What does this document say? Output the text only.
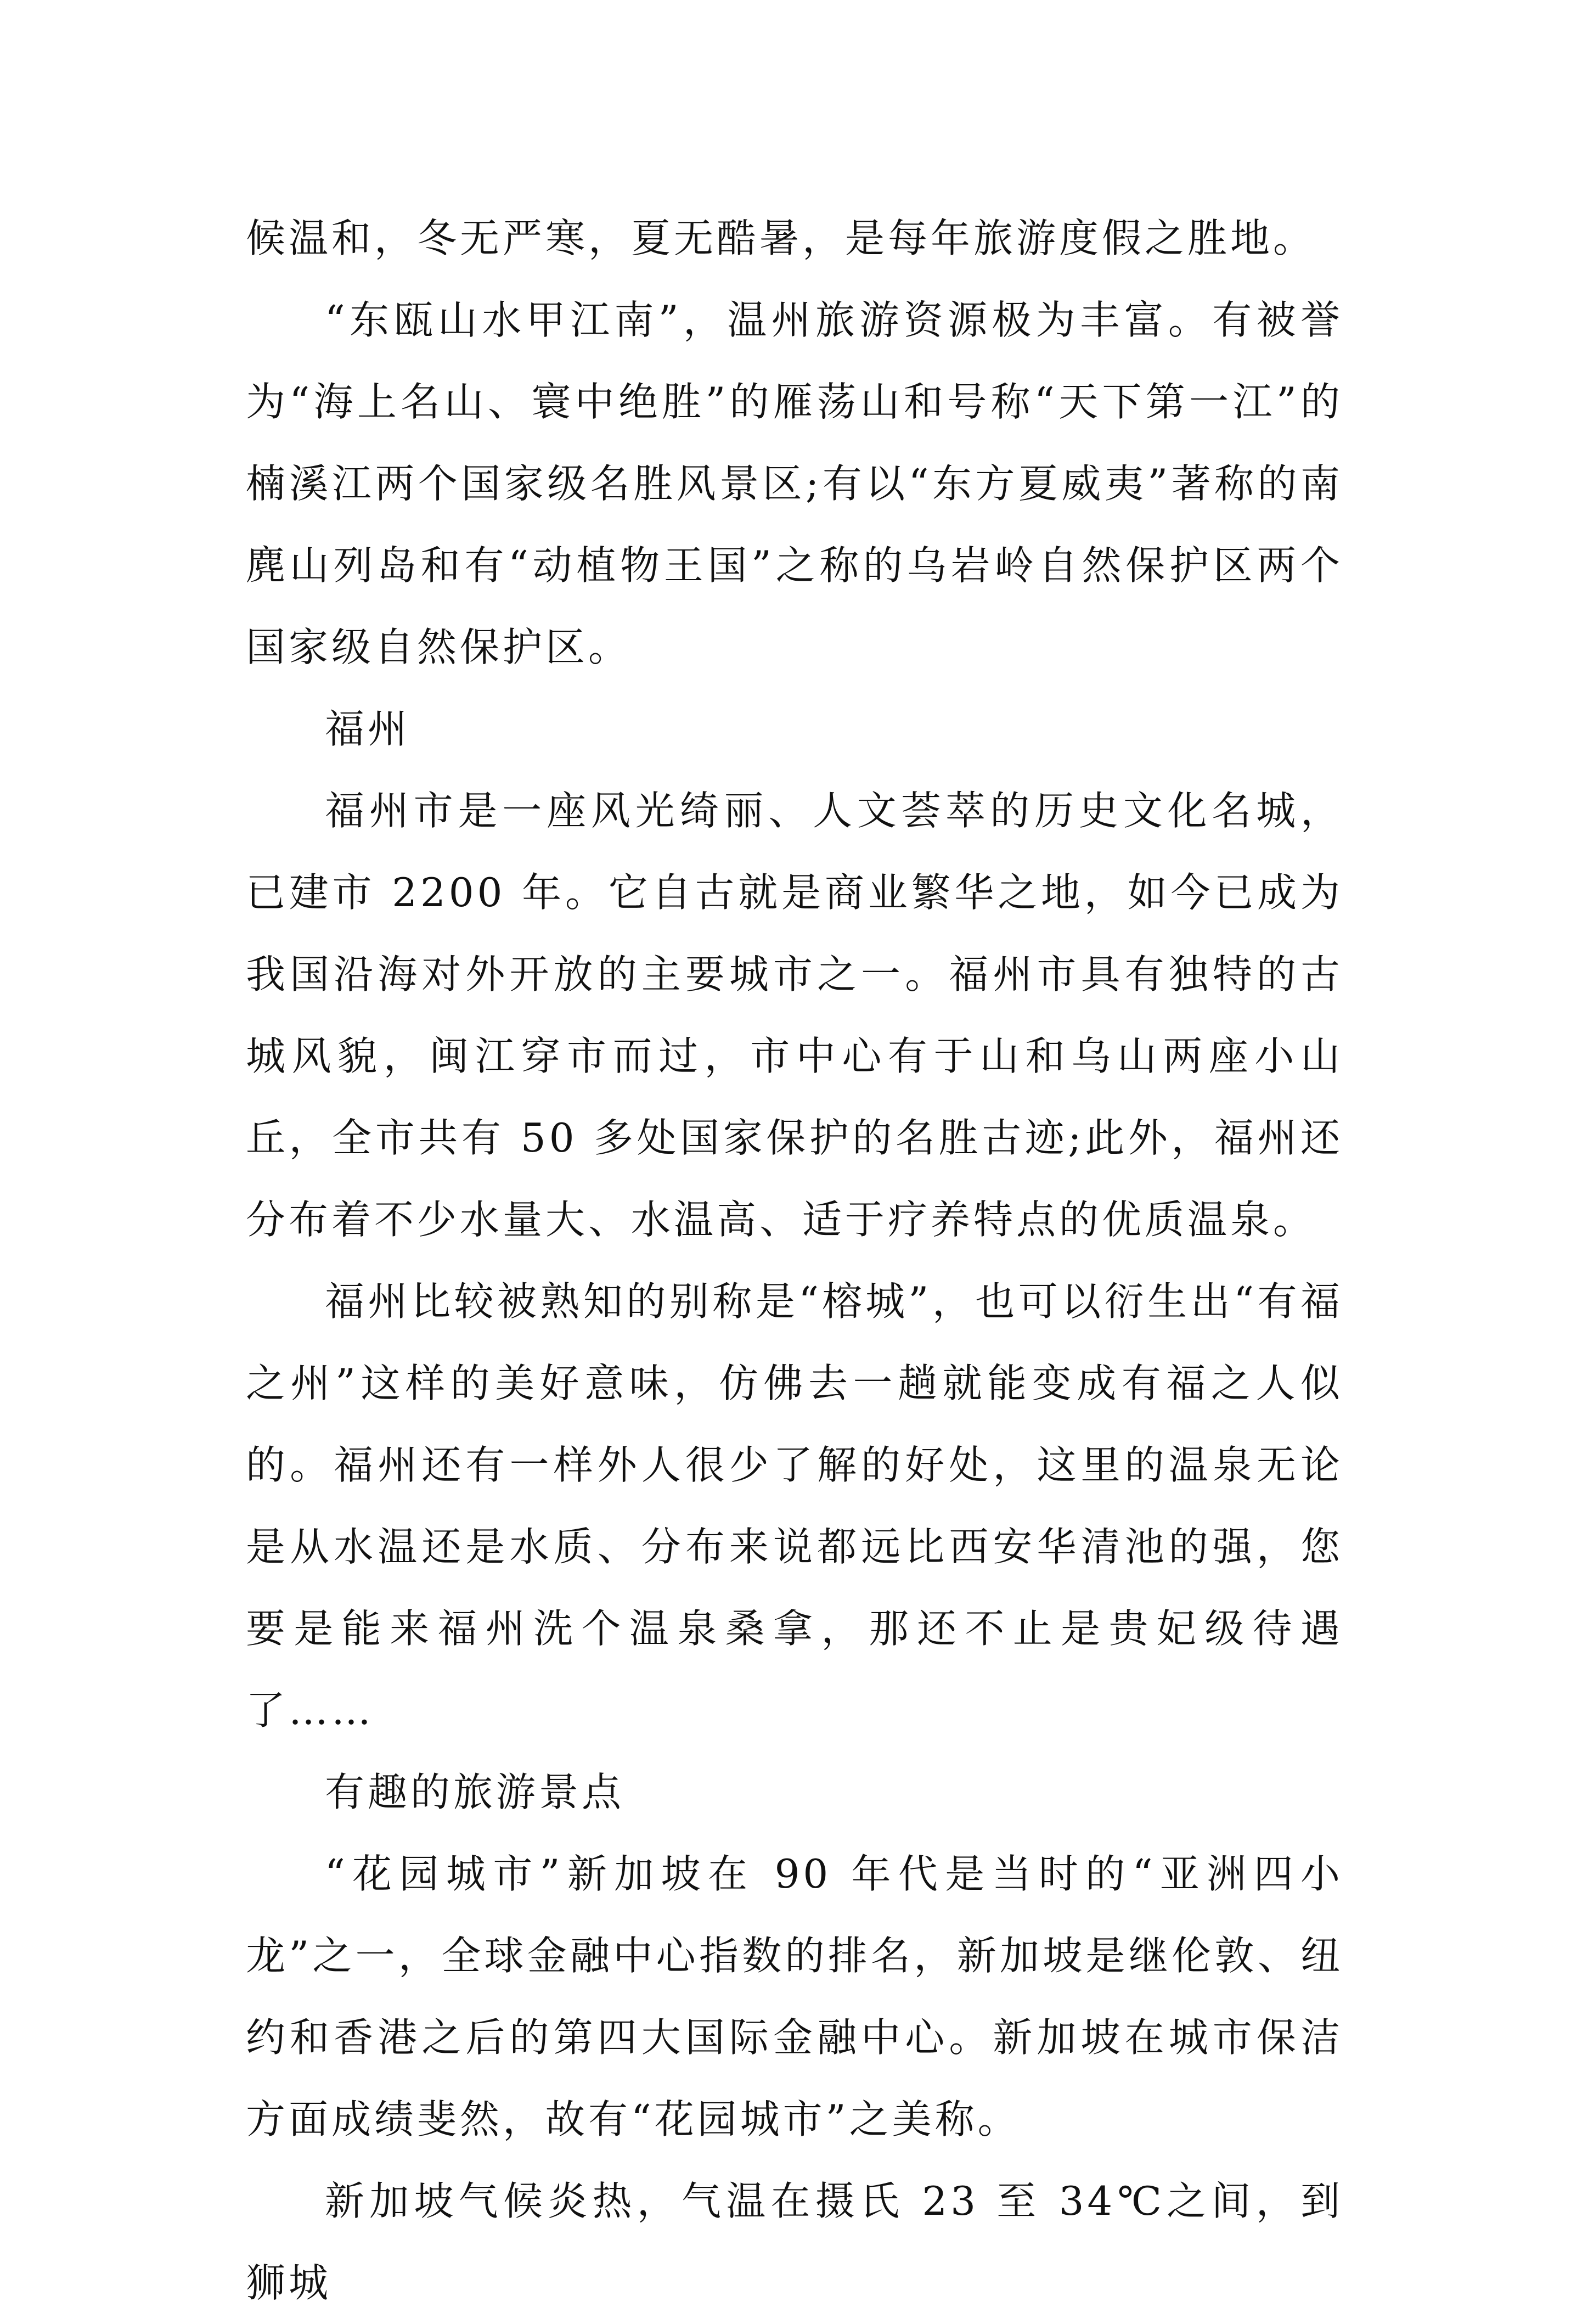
候温和，冬无严寒，夏无酷暑，是每年旅游度假之胜地。

“东瓯山水甲江南”，温州旅游资源极为丰富。有被誉为“海上名山、寰中绝胜”的雁荡山和号称“天下第一江”的楠溪江两个国家级名胜风景区;有以“东方夏威夷”著称的南麂山列岛和有“动植物王国”之称的乌岩岭自然保护区两个国家级自然保护区。

福州

福州市是一座风光绮丽、人文荟萃的历史文化名城，已建市 2200 年。它自古就是商业繁华之地，如今已成为我国沿海对外开放的主要城市之一。福州市具有独特的古城风貌，闽江穿市而过，市中心有于山和乌山两座小山丘，全市共有 50 多处国家保护的名胜古迹;此外，福州还分布着不少水量大、水温高、适于疗养特点的优质温泉。

福州比较被熟知的别称是“榕城”，也可以衍生出“有福之州”这样的美好意味，仿佛去一趟就能变成有福之人似的。福州还有一样外人很少了解的好处，这里的温泉无论是从水温还是水质、分布来说都远比西安华清池的强，您要是能来福州洗个温泉桑拿，那还不止是贵妃级待遇了……

有趣的旅游景点

“花园城市”新加坡在 90 年代是当时的“亚洲四小龙”之一，全球金融中心指数的排名，新加坡是继伦敦、纽约和香港之后的第四大国际金融中心。新加坡在城市保洁方面成绩斐然，故有“花园城市”之美称。

新加坡气候炎热，气温在摄氏 23 至 34℃之间，到狮城
